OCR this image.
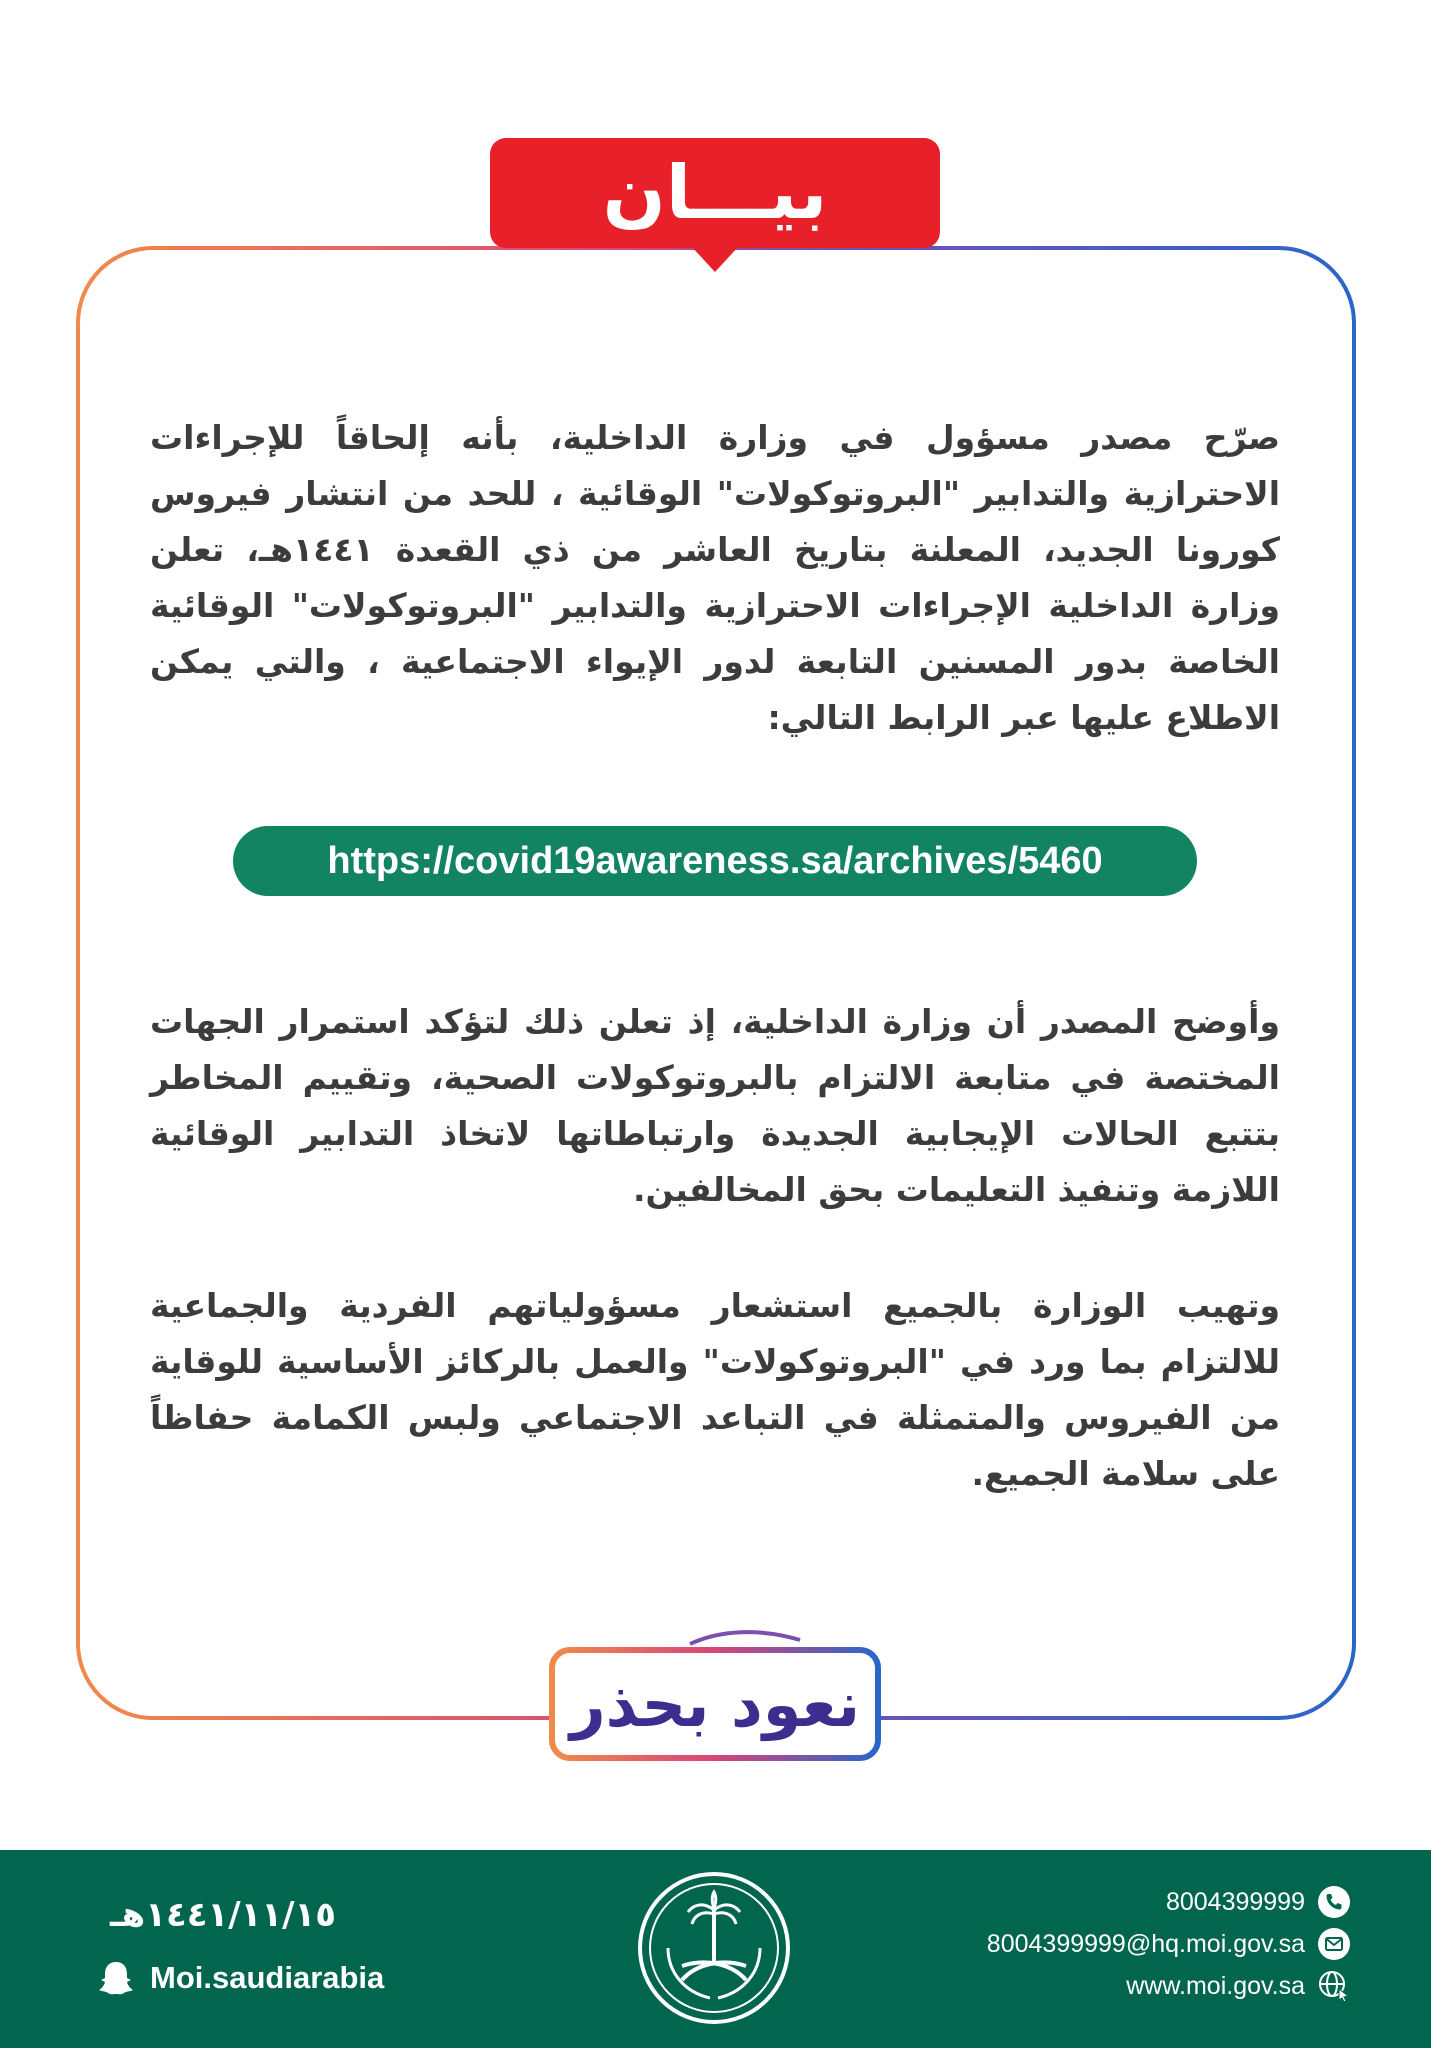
بيـــان

صرّح مصدر مسؤول في وزارة الداخلية، بأنه إلحاقاً للإجراءات الاحترازية والتدابير "البروتوكولات" الوقائية ، للحد من انتشار فيروس كورونا الجديد، المعلنة بتاريخ العاشر من ذي القعدة ١٤٤١هـ، تعلن وزارة الداخلية الإجراءات الاحترازية والتدابير "البروتوكولات" الوقائية الخاصة بدور المسنين التابعة لدور الإيواء الاجتماعية ، والتي يمكن الاطلاع عليها عبر الرابط التالي:

https://covid19awareness.sa/archives/5460

وأوضح المصدر أن وزارة الداخلية، إذ تعلن ذلك لتؤكد استمرار الجهات المختصة في متابعة الالتزام بالبروتوكولات الصحية، وتقييم المخاطر بتتبع الحالات الإيجابية الجديدة وارتباطاتها لاتخاذ التدابير الوقائية اللازمة وتنفيذ التعليمات بحق المخالفين.

وتهيب الوزارة بالجميع استشعار مسؤولياتهم الفردية والجماعية للالتزام بما ورد في "البروتوكولات" والعمل بالركائز الأساسية للوقاية من الفيروس والمتمثلة في التباعد الاجتماعي ولبس الكمامة حفاظاً على سلامة الجميع.

نعود بحذر
١٤٤١/١١/١٥هـ
Moi.saudiarabia
8004399999
8004399999@hq.moi.gov.sa
www.moi.gov.sa
